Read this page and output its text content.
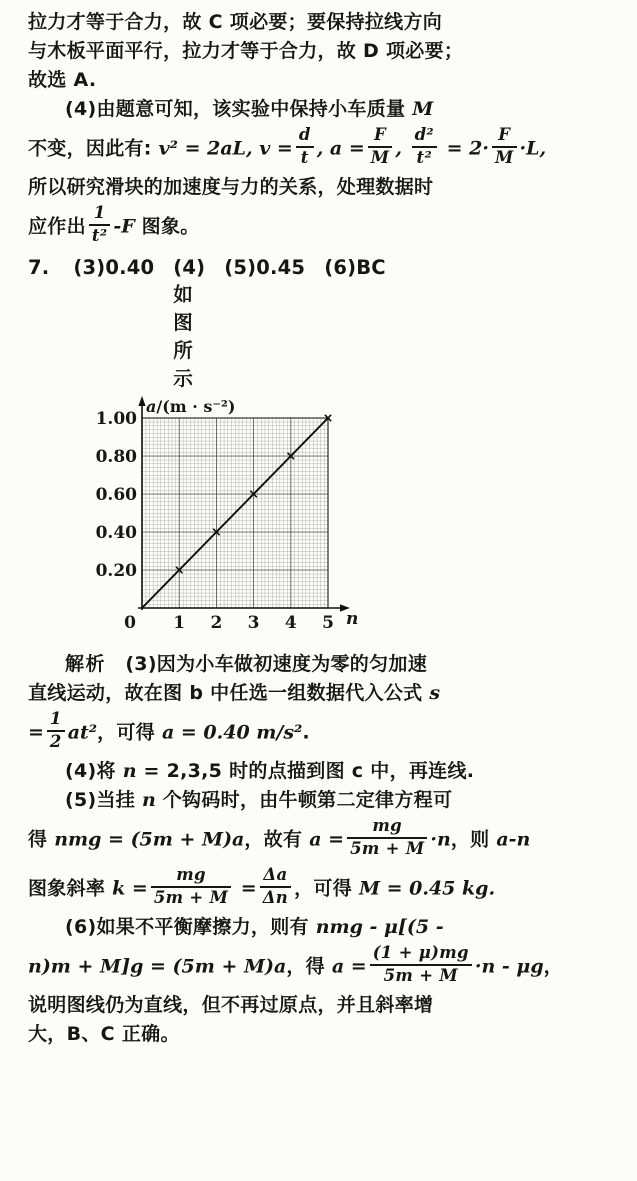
拉力才等于合力，故 C 项必要；要保持拉线方向
与木板平面平行，拉力才等于合力，故 D 项必要；
故选 A.
(4)由题意可知，该实验中保持小车质量 M
不变，因此有: v² = 2aL, $v = \frac{d}{t}$ , $a = \frac{F}{M}$ , $\frac{\text{d²}}{\text{t²}} = 2\cdot \frac{F}{M} \cdot L$,
所以研究滑块的加速度与力的关系，处理数据时
应作出 $\frac{1}{\text{t²}} -F$ 图象。
7. (3)0.40 (4)如图所示
(5)0.45 (6)BC
a/(m · s⁻²)
1.00
0.80
0.60
0.40
0.20
0 1 2 3 4 5 n
解析　(3)因为小车做初速度为零的匀加速
直线运动，故在图 b 中任选一组数据代入公式 s
= $\frac{1}{2} at^2$，可得 a = 0.40 m/s².
(4)将 n = 2,3,5 时的点描到图 c 中，再连线.
(5)当挂 n 个钩码时，由牛顿第二定律方程可
得 nmg = (5m + M)a，故有 $a = \frac{mg}{5m + M} \cdot n$，则 a-n
图象斜率 $k = \frac{mg}{5m + M} = \frac{\Delta a}{\Delta n}$ ，可得 M = 0.45 kg.
(6)如果不平衡摩擦力，则有 nmg - μ[(5 -
n)m + M]g = (5m + M)a，得 $a = \frac{(1 + \mu)mg}{5m + M} \cdot n - \mu g$，
说明图线仍为直线，但不再过原点，并且斜率增
大，B、C 正确。
